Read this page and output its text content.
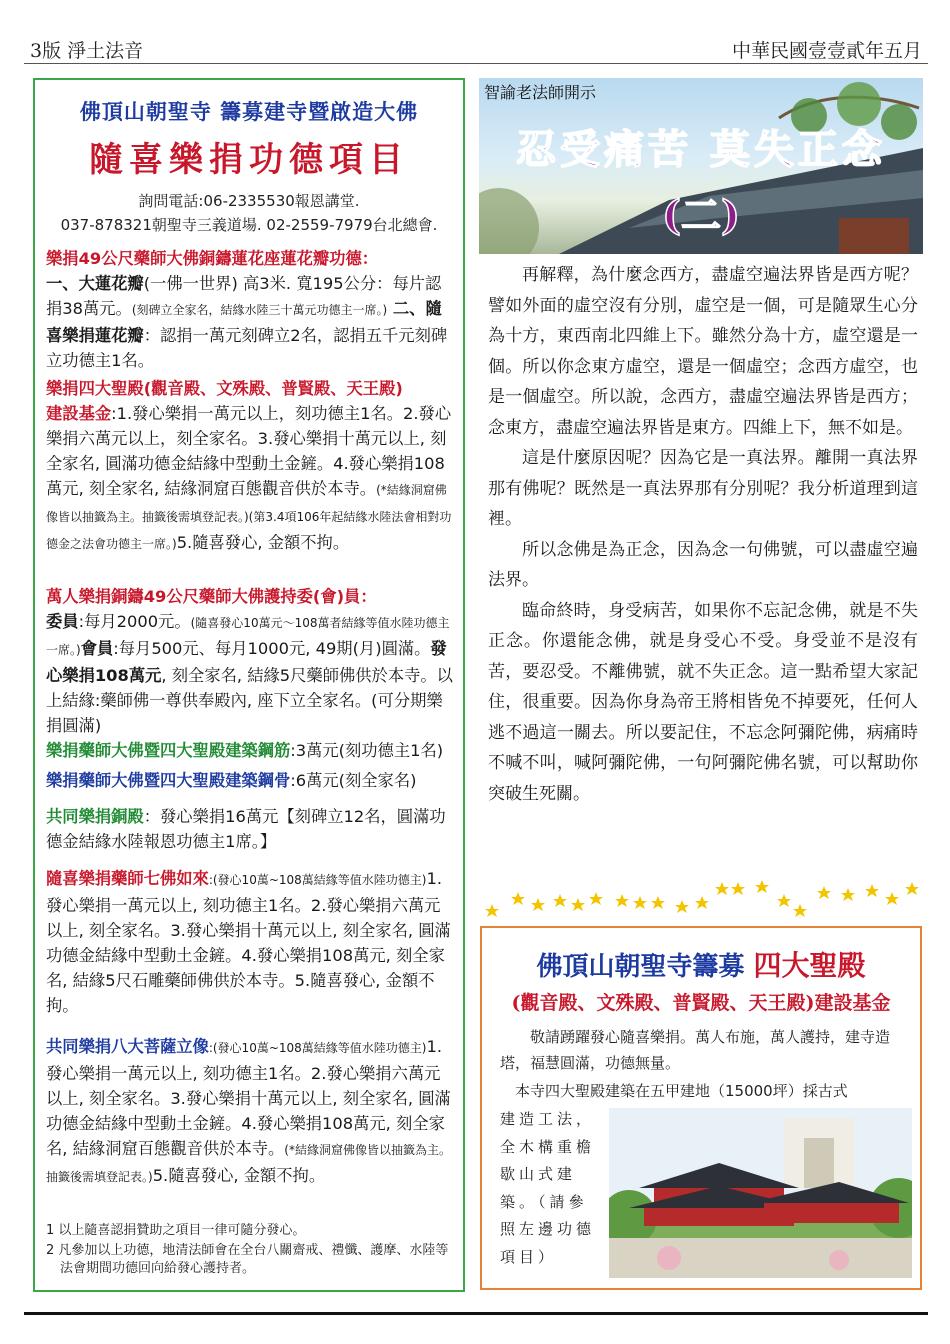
3版 淨土法音	中華民國壹壹貳年五月
佛頂山朝聖寺 籌募建寺暨啟造大佛
隨喜樂捐功德項目
詢問電話:06-2335530報恩講堂.
037-878321朝聖寺三義道場. 02-2559-7979台北總會.
樂捐49公尺藥師大佛銅鑄蓮花座蓮花瓣功德：
一、大蓮花瓣(一佛一世界) 高3米. 寬195公分：每片認捐38萬元。(刻碑立全家名，結緣水陸三十萬元功德主一席。) 二、隨喜樂捐蓮花瓣：認捐一萬元刻碑立2名，認捐五千元刻碑立功德主1名。
樂捐四大聖殿(觀音殿、文殊殿、普賢殿、天王殿)
建設基金:1.發心樂捐一萬元以上，刻功德主1名。2.發心樂捐六萬元以上，刻全家名。3.發心樂捐十萬元以上, 刻全家名, 圓滿功德金結緣中型動土金鏟。4.發心樂捐108萬元, 刻全家名, 結緣洞窟百態觀音供於本寺。(*結緣洞窟佛像皆以抽籤為主。抽籤後需填登記表。)(第3.4項106年起結緣水陸法會相對功德金之法會功德主一席。)5.隨喜發心, 金額不拘。
萬人樂捐銅鑄49公尺藥師大佛護持委(會)員：
委員:每月2000元。(隨喜發心10萬元～108萬者結緣等值水陸功德主一席。)會員:每月500元、每月1000元, 49期(月)圓滿。發心樂捐108萬元, 刻全家名, 結緣5尺藥師佛供於本寺。以上結緣:藥師佛一尊供奉殿內, 座下立全家名。(可分期樂捐圓滿)
樂捐藥師大佛暨四大聖殿建築鋼筋:3萬元(刻功德主1名)
樂捐藥師大佛暨四大聖殿建築鋼骨:6萬元(刻全家名)
共同樂捐銅殿：發心樂捐16萬元【刻碑立12名，圓滿功德金結緣水陸報恩功德主1席。】
隨喜樂捐藥師七佛如來:(發心10萬~108萬結緣等值水陸功德主)1.發心樂捐一萬元以上, 刻功德主1名。2.發心樂捐六萬元以上, 刻全家名。3.發心樂捐十萬元以上, 刻全家名, 圓滿功德金結緣中型動土金鏟。4.發心樂捐108萬元, 刻全家名, 結緣5尺石雕藥師佛供於本寺。5.隨喜發心, 金額不拘。
共同樂捐八大菩薩立像:(發心10萬~108萬結緣等值水陸功德主)1.發心樂捐一萬元以上, 刻功德主1名。2.發心樂捐六萬元以上, 刻全家名。3.發心樂捐十萬元以上, 刻全家名, 圓滿功德金結緣中型動土金鏟。4.發心樂捐108萬元, 刻全家名, 結緣洞窟百態觀音供於本寺。(*結緣洞窟佛像皆以抽籤為主。抽籤後需填登記表。)5.隨喜發心, 金額不拘。
1 以上隨喜認捐贊助之項目一律可隨分發心。
2 凡參加以上功德，地清法師會在全台八關齋戒、禮懺、護摩、水陸等法會期間功德回向給發心護持者。
智諭老法師開示
忍受痛苦 莫失正念
(二)

再解釋，為什麼念西方，盡虛空遍法界皆是西方呢？譬如外面的虛空沒有分別，虛空是一個，可是隨眾生心分為十方，東西南北四維上下。雖然分為十方，虛空還是一個。所以你念東方虛空，還是一個虛空；念西方虛空，也是一個虛空。所以說，念西方，盡虛空遍法界皆是西方；念東方，盡虛空遍法界皆是東方。四維上下，無不如是。

這是什麼原因呢？因為它是一真法界。離開一真法界那有佛呢？既然是一真法界那有分別呢？我分析道理到這裡。

所以念佛是為正念，因為念一句佛號，可以盡虛空遍法界。

臨命終時，身受病苦，如果你不忘記念佛，就是不失正念。你還能念佛，就是身受心不受。身受並不是沒有苦，要忍受。不離佛號，就不失正念。這一點希望大家記住，很重要。因為你身為帝王將相皆免不掉要死，任何人逃不過這一關去。所以要記住，不忘念阿彌陀佛，病痛時不喊不叫，喊阿彌陀佛，一句阿彌陀佛名號，可以幫助你突破生死關。

佛頂山朝聖寺籌募 四大聖殿
(觀音殿、文殊殿、普賢殿、天王殿)建設基金
敬請踴躍發心隨喜樂捐。萬人布施，萬人護持，建寺造塔，福慧圓滿，功德無量。
本寺四大聖殿建築在五甲建地（15000坪）採古式
建造工法，全木構重檐歇山式建築。（請參照左邊功德項目）
